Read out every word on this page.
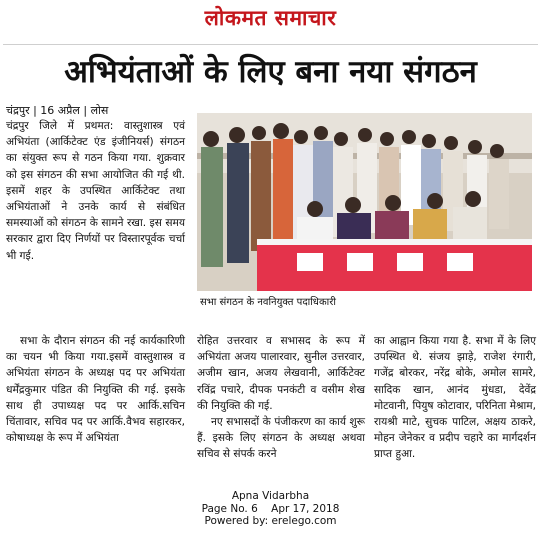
लोकमत समाचार
अभियंताओं के लिए बना नया संगठन
चंद्रपुर | 16 अप्रैल | लोस

चंद्रपुर जिले में प्रथमत: वास्तुशास्त्र एवं अभियंता (आर्किटेक्ट एंड इंजीनियर्स) संगठन का संयुक्त रूप से गठन किया गया. शुक्रवार को इस संगठन की सभा आयोजित की गई थी. इसमें शहर के उपस्थित आर्किटेक्ट तथा अभियंताओं ने उनके कार्य से संबंधित समस्याओं को संगठन के सामने रखा. इस समय सरकार द्वारा दिए निर्णयों पर विस्तारपूर्वक चर्चा भी गई.

सभा के दौरान संगठन की नई कार्यकारिणी का चयन भी किया गया.इसमें वास्तुशास्त्र व अभियंता संगठन के अध्यक्ष पद पर अभियंता धर्मेंद्रकुमार पंडित की नियुक्ति की गई. इसके साथ ही उपाध्यक्ष पद पर आर्कि.सचिन चिंतावार, सचिव पद पर आर्कि.वैभव सहारकर, कोषाध्यक्ष के रूप में अभियंता

सभा संगठन के नवनियुक्त पदाधिकारी

रोहित उत्तरवार व सभासद के रूप में अभियंता अजय पालारवार, सुनील उत्तरवार, अजीम खान, अजय लेखवानी, आर्किटेक्ट रविंद्र पचारे, दीपक पनकंटी व वसीम शेख की नियुक्ति की गई.

नए सभासदों के पंजीकरण का कार्य शुरू हैं. इसके लिए संगठन के अध्यक्ष अथवा सचिव से संपर्क करने

का आह्वान किया गया है. सभा में के लिए उपस्थित थे. संजय झाड़े, राजेश रंगारी, गजेंद्र बोरकर, नरेंद्र बोके, अमोल सामरे, सादिक खान, आनंद मुंधडा, देवेंद्र मोटवानी, पियुष कोटावार, परिनिता मेश्राम, रायश्री माटे, सुचक पाटिल, अक्षय ठाकरे, मोहन जेनेकर व प्रदीप चहारे का मार्गदर्शन प्राप्त हुआ.

Apna Vidarbha
Page No. 6    Apr 17, 2018
Powered by: erelego.com
